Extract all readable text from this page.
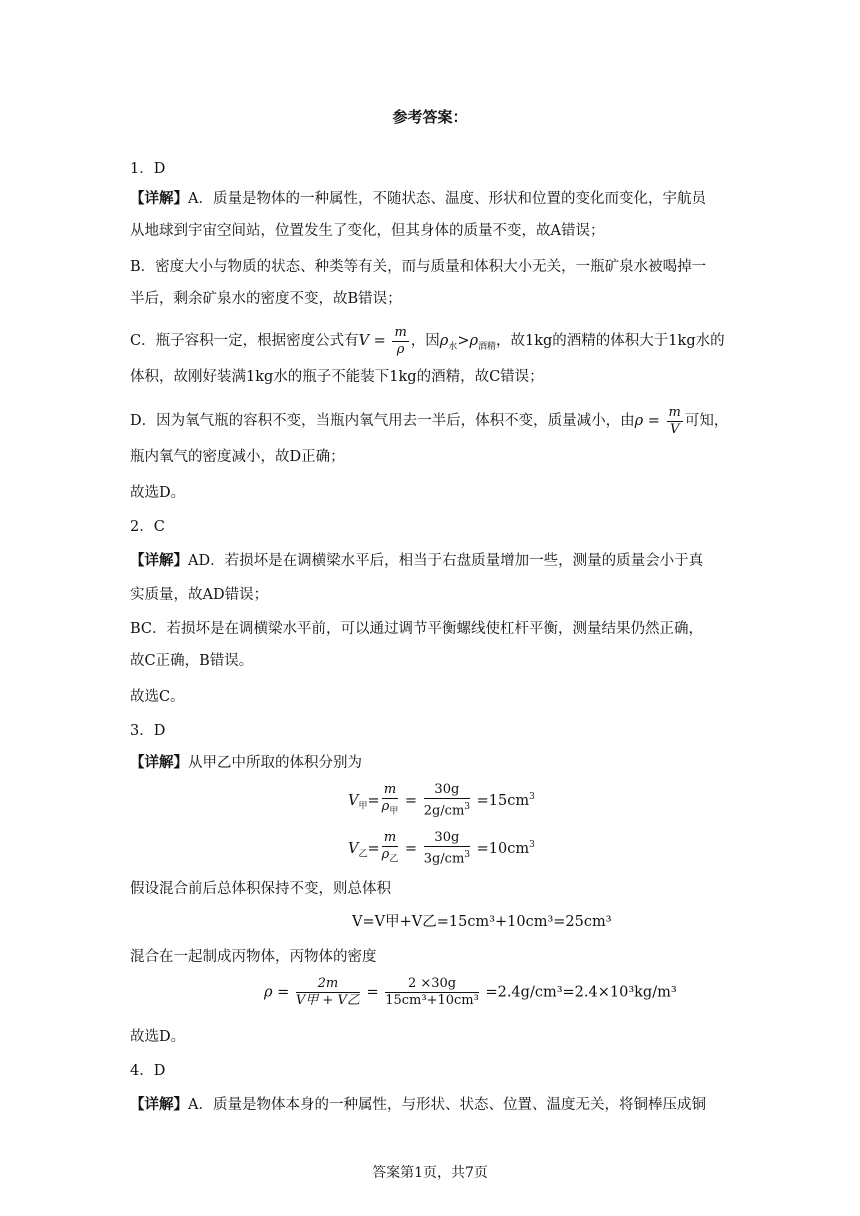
参考答案：
1．D
【详解】A．质量是物体的一种属性，不随状态、温度、形状和位置的变化而变化，宇航员
从地球到宇宙空间站，位置发生了变化，但其身体的质量不变，故A错误；
B．密度大小与物质的状态、种类等有关，而与质量和体积大小无关，一瓶矿泉水被喝掉一
半后，剩余矿泉水的密度不变，故B错误；
C．瓶子容积一定，根据密度公式有$V = \frac{m}{\rho}$ ，因$\rho_水>\rho_{酒精}$，故1kg的酒精的体积大于1kg水的
体积，故刚好装满1kg水的瓶子不能装下1kg的酒精，故C错误；
D．因为氧气瓶的容积不变，当瓶内氧气用去一半后，体积不变，质量减小，由$\rho = \frac{m}{V}$ 可知，
瓶内氧气的密度减小，故D正确；
故选D。
2．C
【详解】AD．若损坏是在调横梁水平后，相当于右盘质量增加一些，测量的质量会小于真
实质量，故AD错误；
BC．若损坏是在调横梁水平前，可以通过调节平衡螺线使杠杆平衡，测量结果仍然正确，
故C正确，B错误。
故选C。
3．D
【详解】从甲乙中所取的体积分别为
$V_甲= \frac{m}{\rho_甲} = \frac{30g}{2g/cm^3} =15cm^3$
$V_乙= \frac{m}{\rho_乙} = \frac{30g}{3g/cm^3} =10cm^3$
假设混合前后总体积保持不变，则总体积
V=V甲+V乙=15cm³+10cm³=25cm³
混合在一起制成丙物体，丙物体的密度
$\rho = \frac{2m}{\text{V甲 + V乙}} = \frac{2 \times 30g}{\text{15cm³+10cm³}} =2.4g/cm^3=2.4\times 10^3kg/m^3$
故选D。
4．D
【详解】A．质量是物体本身的一种属性，与形状、状态、位置、温度无关，将铜棒压成铜
答案第1页，共7页
